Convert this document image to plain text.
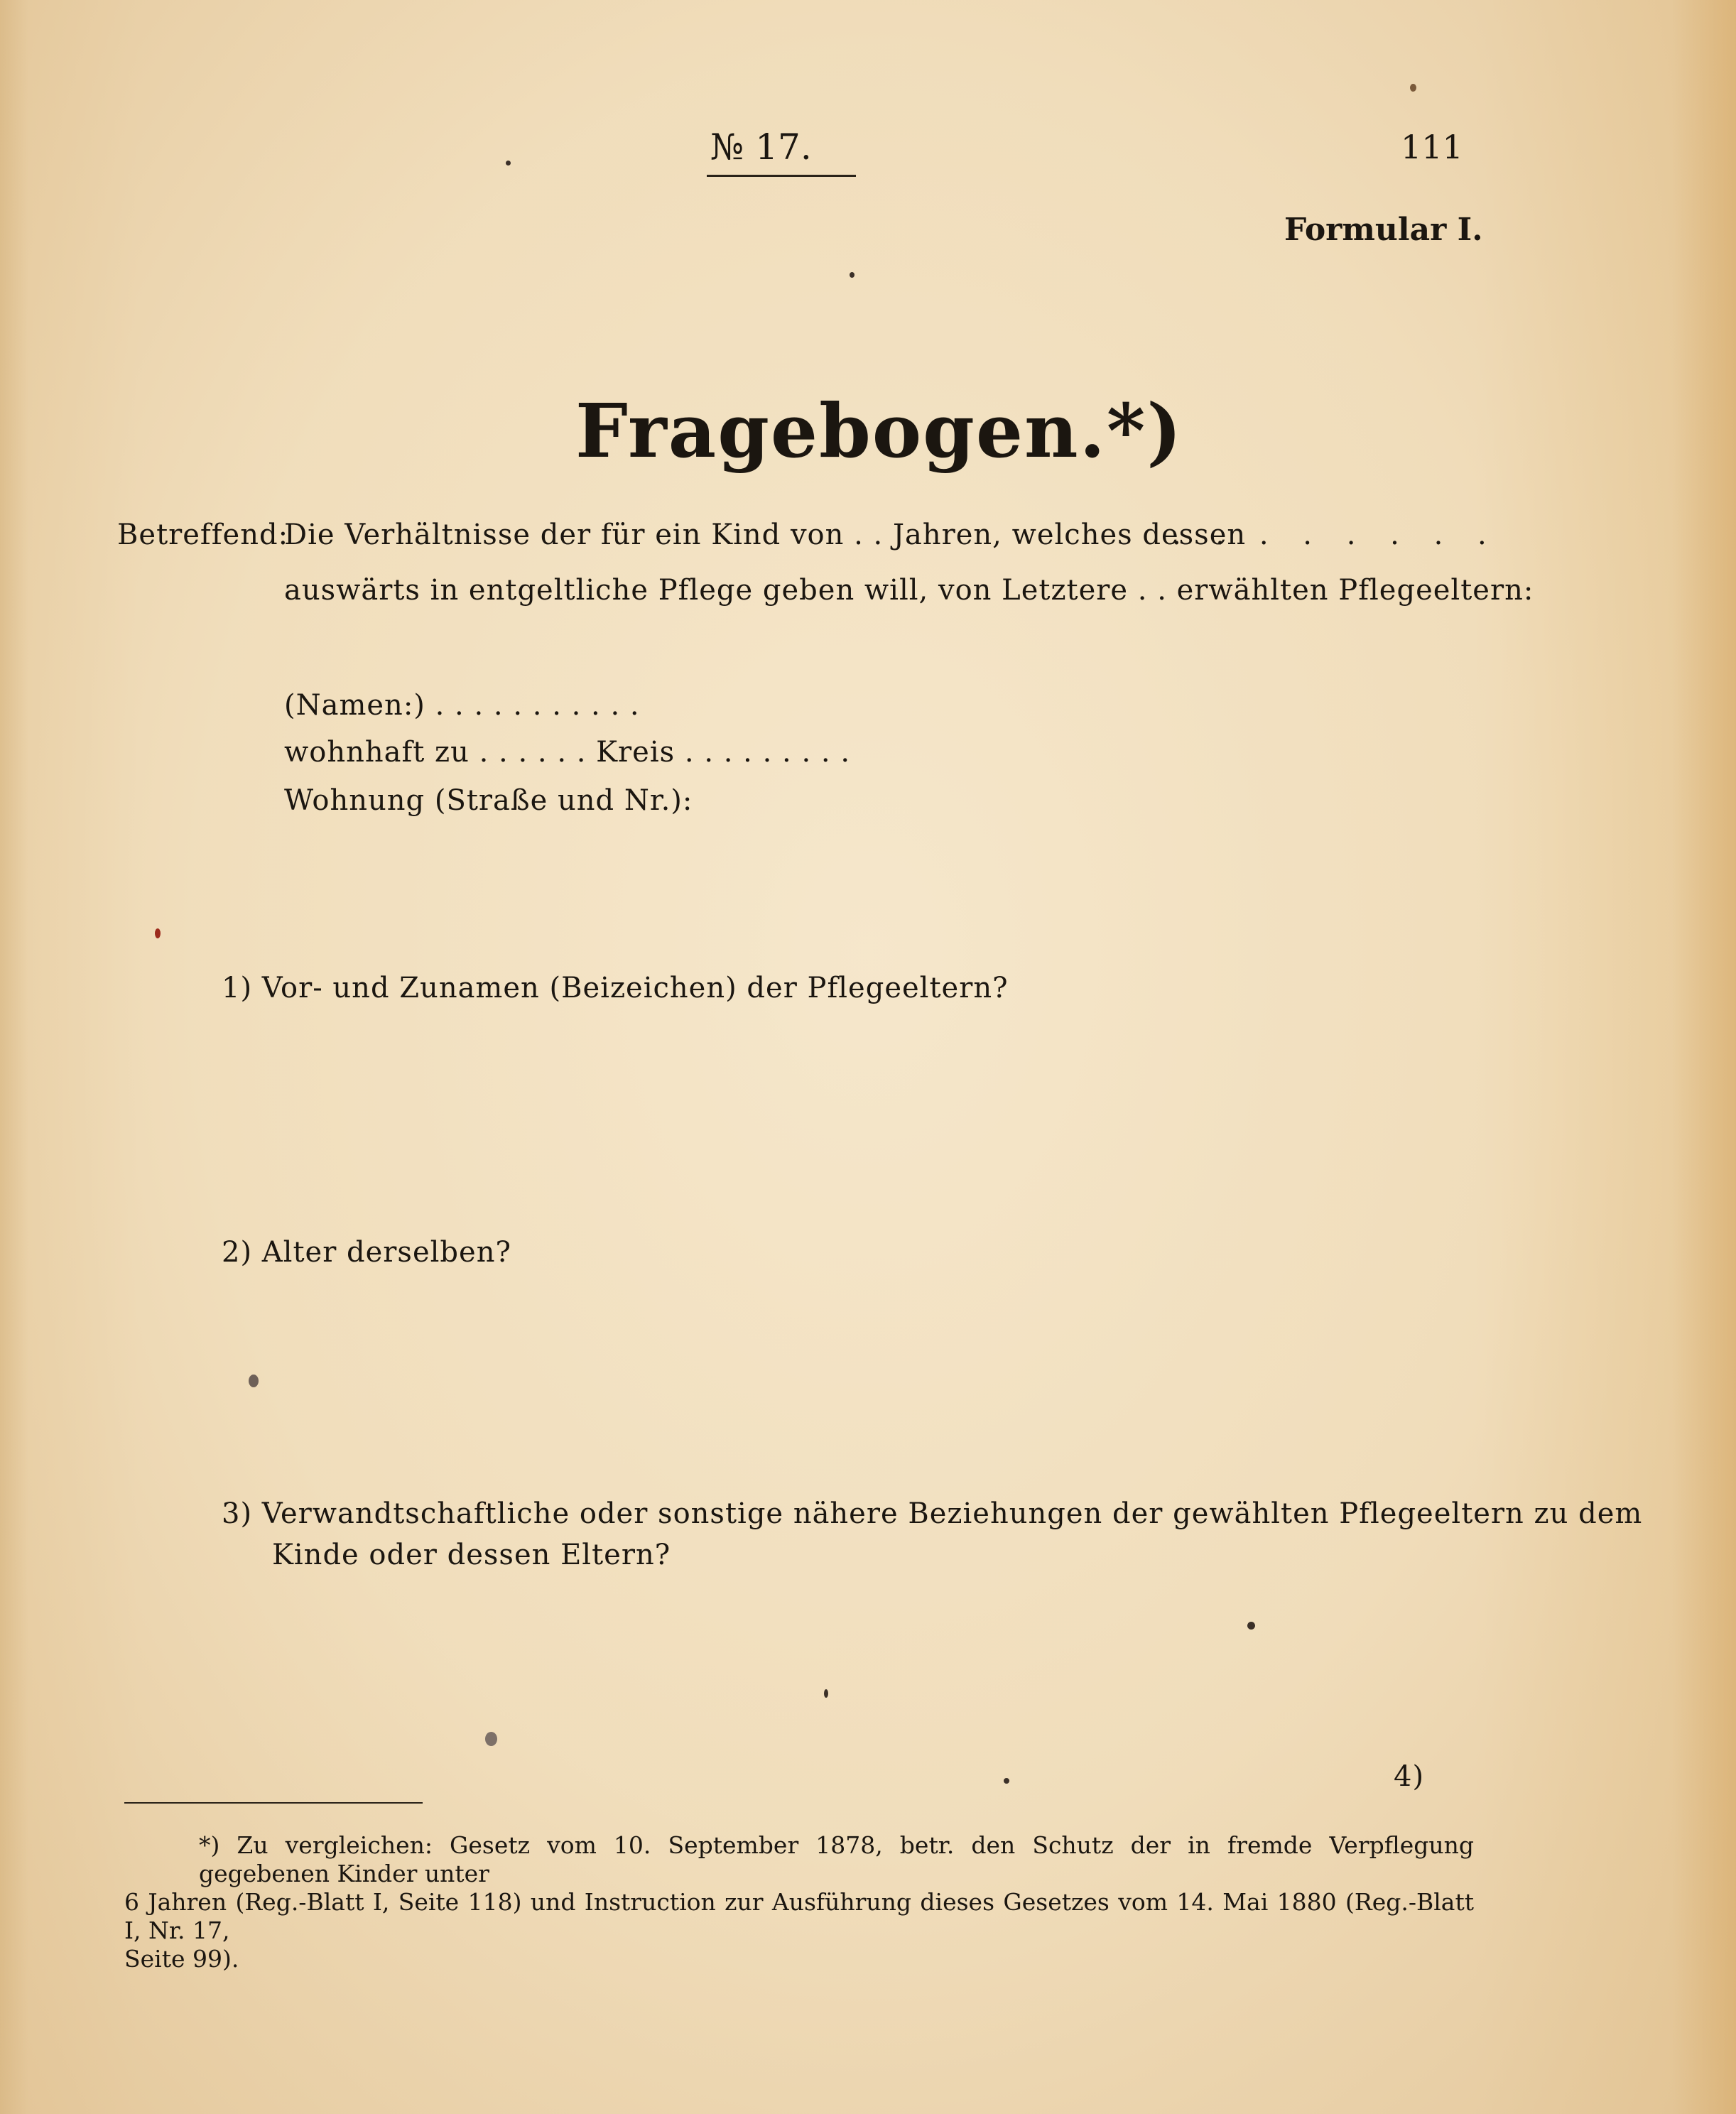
№ 17.	111
Formular I.
Fragebogen.*)
Betreffend:
Die Verhältnisse der für ein Kind von . . Jahren, welches dessen
. . . . . . . .
auswärts in entgeltliche Pflege geben will, von Letztere . . erwählten Pflegeeltern:
(Namen:) . . . . . . . . . . .
wohnhaft zu . . . . . . Kreis . . . . . . . . .
Wohnung (Straße und Nr.):
1) Vor- und Zunamen (Beizeichen) der Pflegeeltern?
2) Alter derselben?
3) Verwandtschaftliche oder sonstige nähere Beziehungen der gewählten Pflegeeltern zu dem
Kinde oder dessen Eltern?
4)
*) Zu vergleichen: Gesetz vom 10. September 1878, betr. den Schutz der in fremde Verpflegung gegebenen Kinder unter
6 Jahren (Reg.-Blatt I, Seite 118) und Instruction zur Ausführung dieses Gesetzes vom 14. Mai 1880 (Reg.-Blatt I, Nr. 17,
Seite 99).
